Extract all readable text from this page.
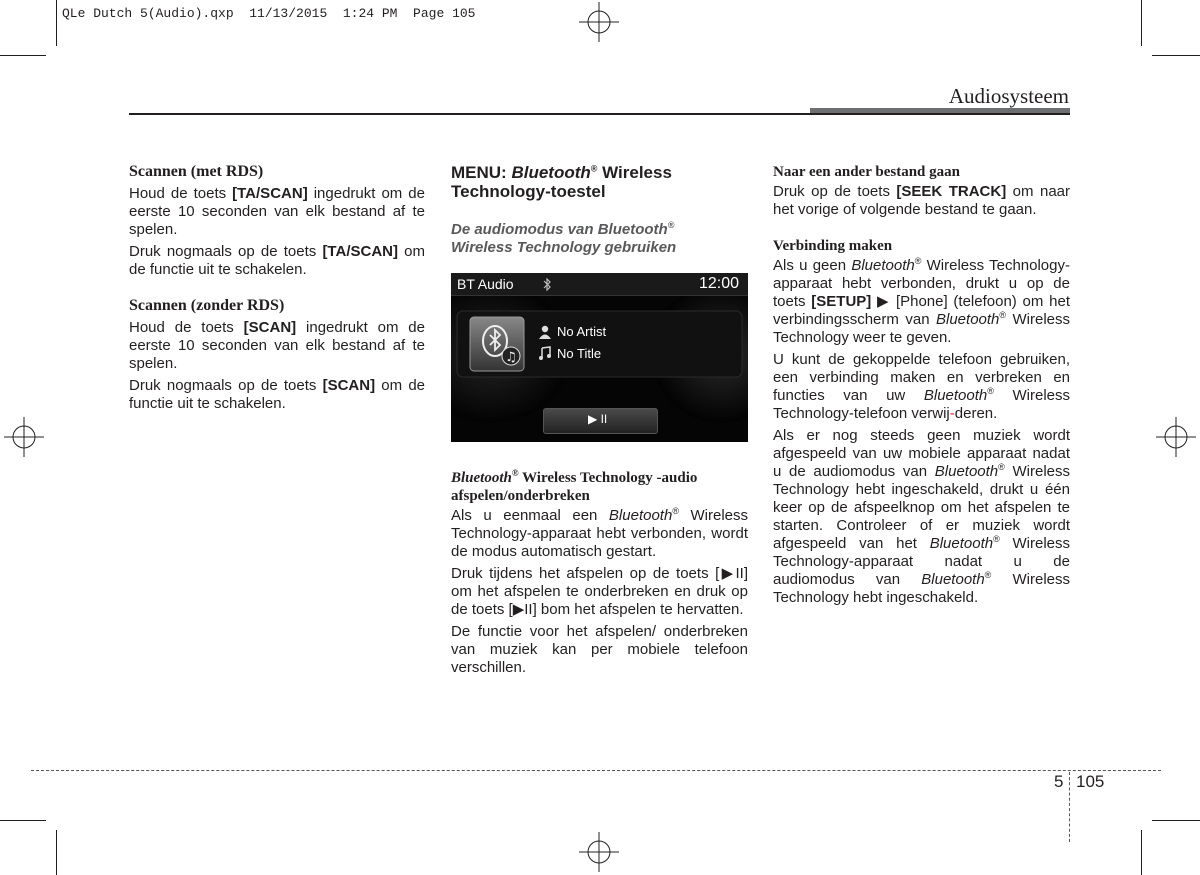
QLe Dutch 5(Audio).qxp  11/13/2015  1:24 PM  Page 105
Audiosysteem
Scannen (met RDS)

Houd de toets [TA/SCAN] ingedrukt om de eerste 10 seconden van elk bestand af te spelen.

Druk nogmaals op de toets [TA/SCAN] om de functie uit te schakelen.

Scannen (zonder RDS)

Houd de toets [SCAN] ingedrukt om de eerste 10 seconden van elk bestand af te spelen.

Druk nogmaals op de toets [SCAN] om de functie uit te schakelen.

MENU: Bluetooth® Wireless
Technology-toestel
De audiomodus van Bluetooth®
Wireless Technology gebruiken
BT Audio	12:00
♫
No Artist
No Title
▶ II
Bluetooth® Wireless Technology -audio afspelen/onderbreken

Als u eenmaal een Bluetooth® Wireless Technology-apparaat hebt verbonden, wordt de modus automatisch gestart.

Druk tijdens het afspelen op de toets [▶II] om het afspelen te onderbreken en druk op de toets [▶II] bom het afspelen te hervatten.

De functie voor het afspelen/ onderbreken van muziek kan per mobiele telefoon verschillen.

Naar een ander bestand gaan

Druk op de toets [SEEK TRACK] om naar het vorige of volgende bestand te gaan.

Verbinding maken

Als u geen Bluetooth® Wireless Technology-apparaat hebt verbonden, drukt u op de toets [SETUP] ▶ [Phone] (telefoon) om het verbindingsscherm van Bluetooth® Wireless Technology weer te geven.

U kunt de gekoppelde telefoon gebruiken, een verbinding maken en verbreken en functies van uw Bluetooth® Wireless Technology-telefoon verwij-deren.

Als er nog steeds geen muziek wordt afgespeeld van uw mobiele apparaat nadat u de audiomodus van Bluetooth® Wireless Technology hebt ingeschakeld, drukt u één keer op de afspeelknop om het afspelen te starten. Controleer of er muziek wordt afgespeeld van het Bluetooth® Wireless Technology-apparaat nadat u de audiomodus van Bluetooth® Wireless Technology hebt ingeschakeld.

5 105
